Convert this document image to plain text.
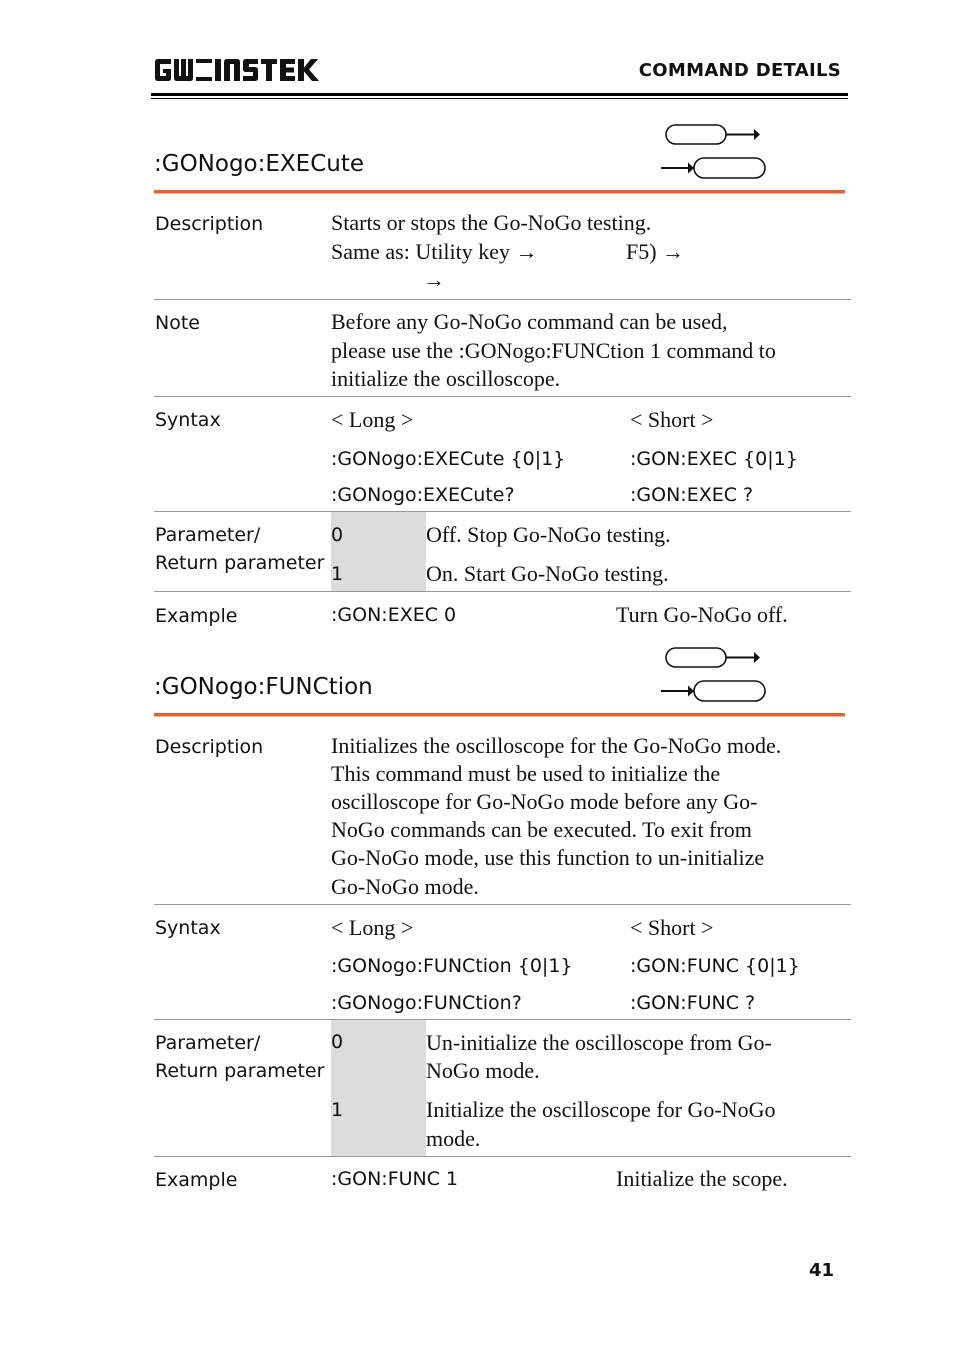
COMMAND DETAILS
:GONogo:EXECute
Description	Starts or stops the Go-NoGo testing.
Same as: Utility key →	F5) →
→
Note	Before any Go-NoGo command can be used,
please use the :GONogo:FUNCtion 1 command to
initialize the oscilloscope.
Syntax	< Long >	< Short >
:GONogo:EXECute {0|1}	:GON:EXEC {0|1}
:GONogo:EXECute?	:GON:EXEC ?
Parameter/
Return parameter
0	Off. Stop Go-NoGo testing.
1	On. Start Go-NoGo testing.
Example	:GON:EXEC 0	Turn Go-NoGo off.
:GONogo:FUNCtion
Description	Initializes the oscilloscope for the Go-NoGo mode.
This command must be used to initialize the
oscilloscope for Go-NoGo mode before any Go-
NoGo commands can be executed. To exit from
Go-NoGo mode, use this function to un-initialize
Go-NoGo mode.
Syntax	< Long >	< Short >
:GONogo:FUNCtion {0|1}	:GON:FUNC {0|1}
:GONogo:FUNCtion?	:GON:FUNC ?
Parameter/
Return parameter
0	Un-initialize the oscilloscope from Go-
NoGo mode.
1	Initialize the oscilloscope for Go-NoGo
mode.
Example	:GON:FUNC 1	Initialize the scope.
41
